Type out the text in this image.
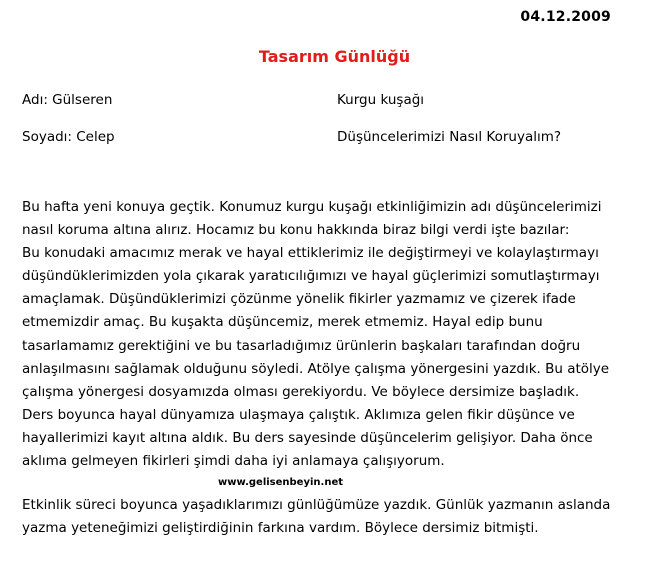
04.12.2009
Tasarım Günlüğü
Adı: Gülseren	Kurgu kuşağı
Soyadı: Celep	Düşüncelerimizi Nasıl Koruyalım?
Bu hafta yeni konuya geçtik. Konumuz kurgu kuşağı etkinliğimizin adı düşüncelerimizi
nasıl koruma altına alırız. Hocamız bu konu hakkında biraz bilgi verdi işte bazılar:
Bu konudaki amacımız merak ve hayal ettiklerimiz ile değiştirmeyi ve kolaylaştırmayı
düşündüklerimizden yola çıkarak yaratıcılığımızı ve hayal güçlerimizi somutlaştırmayı
amaçlamak. Düşündüklerimizi çözünme yönelik fikirler yazmamız ve çizerek ifade
etmemizdir amaç. Bu kuşakta düşüncemiz, merek etmemiz. Hayal edip bunu
tasarlamamız gerektiğini ve bu tasarladığımız ürünlerin başkaları tarafından doğru
anlaşılmasını sağlamak olduğunu söyledi. Atölye çalışma yönergesini yazdık. Bu atölye
çalışma yönergesi dosyamızda olması gerekiyordu. Ve böylece dersimize başladık.
Ders boyunca hayal dünyamıza ulaşmaya çalıştık. Aklımıza gelen fikir düşünce ve
hayallerimizi kayıt altına aldık. Bu ders sayesinde düşüncelerim gelişiyor. Daha önce
aklıma gelmeyen fikirleri şimdi daha iyi anlamaya çalışıyorum.
www.gelisenbeyin.net
Etkinlik süreci boyunca yaşadıklarımızı günlüğümüze yazdık. Günlük yazmanın aslanda
yazma yeteneğimizi geliştirdiğinin farkına vardım. Böylece dersimiz bitmişti.
